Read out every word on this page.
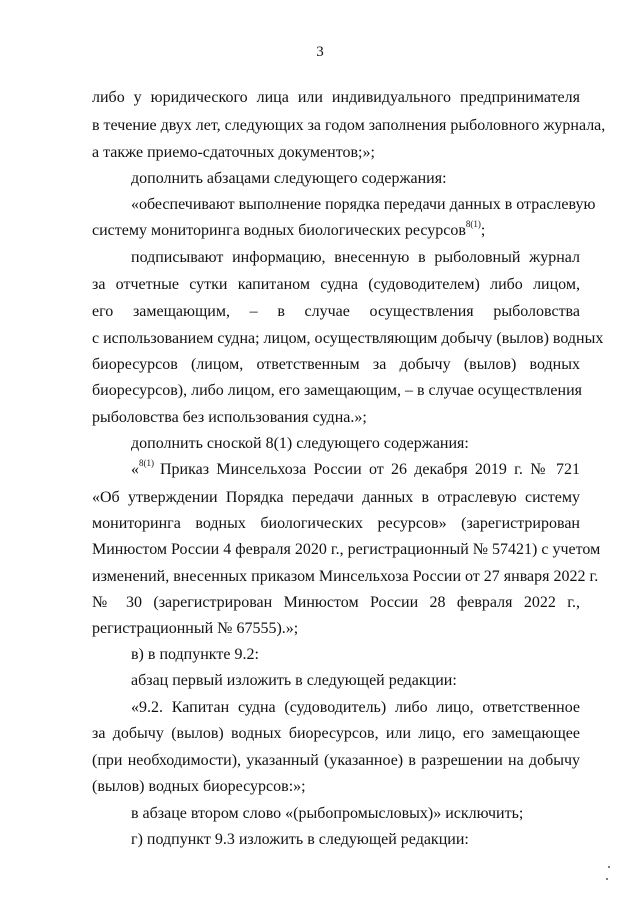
3
либо у юридического лица или индивидуального предпринимателя
в течение двух лет, следующих за годом заполнения рыболовного журнала,
а также приемо-сдаточных документов;»;
дополнить абзацами следующего содержания:
«обеспечивают выполнение порядка передачи данных в отраслевую
систему мониторинга водных биологических ресурсов$^{8(1)}$;
подписывают информацию, внесенную в рыболовный журнал
за отчетные сутки капитаном судна (судоводителем) либо лицом,
его замещающим, – в случае осуществления рыболовства
с использованием судна; лицом, осуществляющим добычу (вылов) водных
биоресурсов (лицом, ответственным за добычу (вылов) водных
биоресурсов), либо лицом, его замещающим, – в случае осуществления
рыболовства без использования судна.»;
дополнить сноской 8(1) следующего содержания:
«$^{8(1)}$ Приказ Минсельхоза России от 26 декабря 2019 г. № 721
«Об утверждении Порядка передачи данных в отраслевую систему
мониторинга водных биологических ресурсов» (зарегистрирован
Минюстом России 4 февраля 2020 г., регистрационный № 57421) с учетом
изменений, внесенных приказом Минсельхоза России от 27 января 2022 г.
№ 30 (зарегистрирован Минюстом России 28 февраля 2022 г.,
регистрационный № 67555).»;
в) в подпункте 9.2:
абзац первый изложить в следующей редакции:
«9.2. Капитан судна (судоводитель) либо лицо, ответственное
за добычу (вылов) водных биоресурсов, или лицо, его замещающее
(при необходимости), указанный (указанное) в разрешении на добычу
(вылов) водных биоресурсов:»;
в абзаце втором слово «(рыбопромысловых)» исключить;
г) подпункт 9.3 изложить в следующей редакции:
